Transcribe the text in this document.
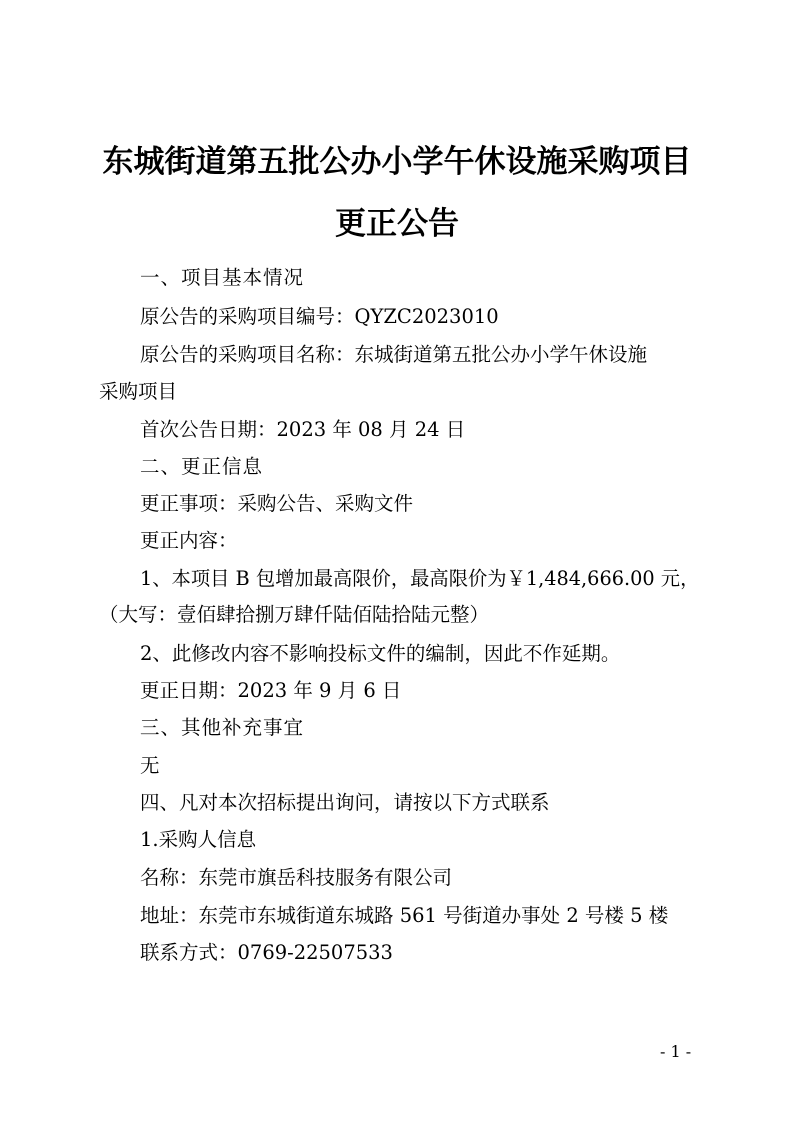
东城街道第五批公办小学午休设施采购项目
更正公告
一、项目基本情况
原公告的采购项目编号：QYZC2023010
原公告的采购项目名称：东城街道第五批公办小学午休设施
采购项目
首次公告日期：2023 年 08 月 24 日
二、更正信息
更正事项：采购公告、采购文件
更正内容：
1、本项目 B 包增加最高限价，最高限价为￥1,484,666.00 元，
（大写：壹佰肆拾捌万肆仟陆佰陆拾陆元整）
2、此修改内容不影响投标文件的编制，因此不作延期。
更正日期：2023 年 9 月 6 日
三、其他补充事宜
无
四、凡对本次招标提出询问，请按以下方式联系
1.采购人信息
名称：东莞市旗岳科技服务有限公司
地址：东莞市东城街道东城路 561 号街道办事处 2 号楼 5 楼
联系方式：0769-22507533
- 1 -
